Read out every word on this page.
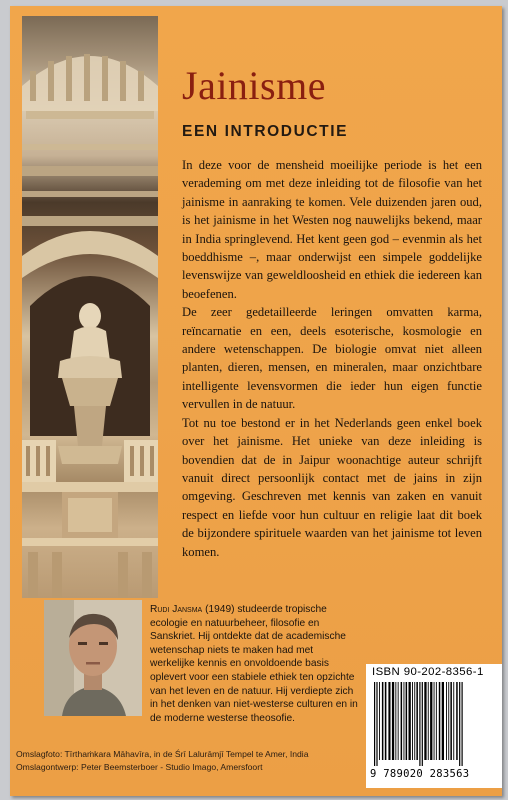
Jainisme
EEN INTRODUCTIE

In deze voor de mensheid moeilijke periode is het een verademing om met deze inleiding tot de filosofie van het jainisme in aanraking te komen. Vele duizenden jaren oud, is het jainisme in het Westen nog nauwelijks bekend, maar in India springlevend. Het kent geen god – evenmin als het boeddhisme –, maar onderwijst een simpele goddelijke levenswijze van geweldloosheid en ethiek die iedereen kan beoefenen.

De zeer gedetailleerde leringen omvatten karma, reïncarnatie en een, deels esoterische, kosmologie en andere wetenschappen. De biologie omvat niet alleen planten, dieren, mensen, en mineralen, maar onzichtbare intelligente levensvormen die ieder hun eigen functie vervullen in de natuur.

Tot nu toe bestond er in het Nederlands geen enkel boek over het jainisme. Het unieke van deze inleiding is bovendien dat de in Jaipur woonachtige auteur schrijft vanuit direct persoonlijk contact met de jains in zijn omgeving. Geschreven met kennis van zaken en vanuit respect en liefde voor hun cultuur en religie laat dit boek de bijzondere spirituele waarden van het jainisme tot leven komen.

Rudi Jansma (1949) studeerde tropische ecologie en natuurbeheer, filosofie en Sanskriet. Hij ontdekte dat de academische wetenschap niets te maken had met werkelijke kennis en onvoldoende basis oplevert voor een stabiele ethiek ten opzichte van het leven en de natuur. Hij verdiepte zich in het denken van niet-westerse culturen en in de moderne westerse theosofie.
ISBN 90-202-8356-1
9 789020 283563
Omslagfoto: Tīrthaṁkara Māhavīra, in de Śrī Lalurāmjī Tempel te Amer, India
Omslagontwerp: Peter Beemsterboer - Studio Imago, Amersfoort
